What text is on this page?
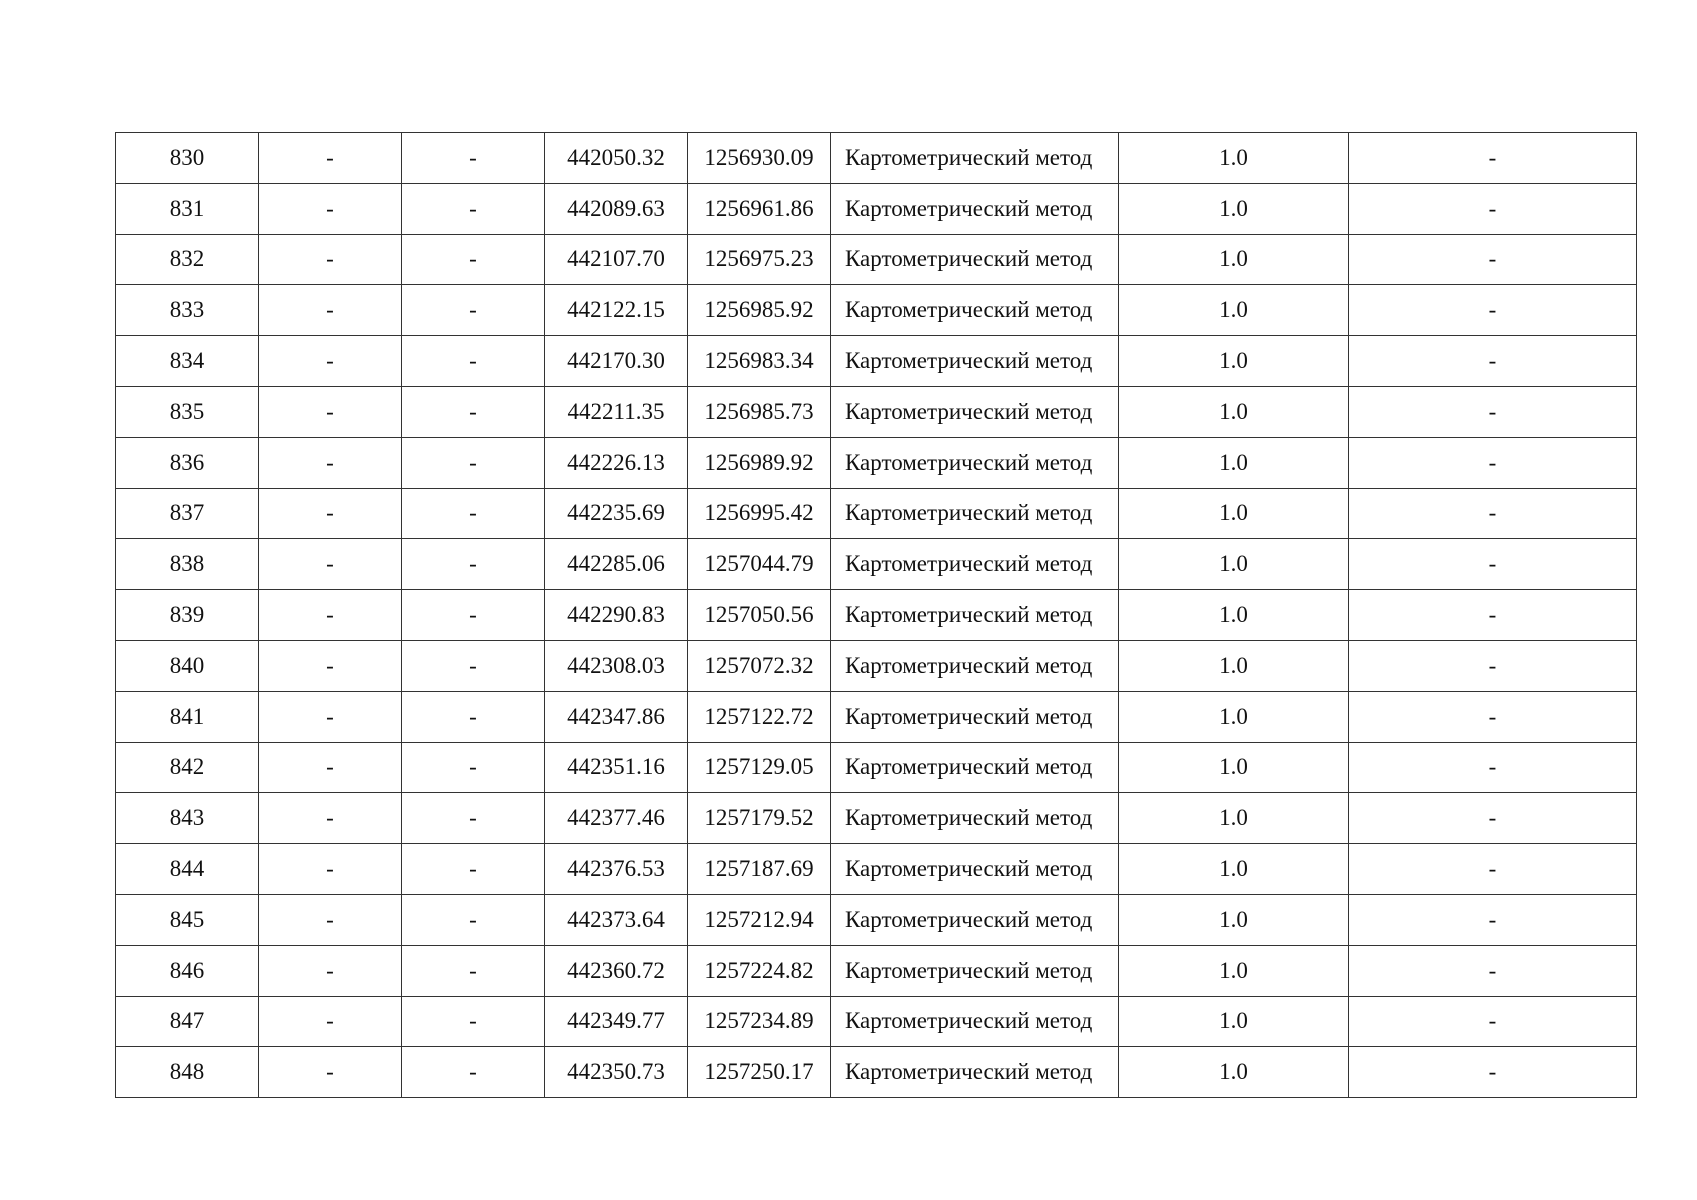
830	-	-	442050.32	1256930.09	Картометрический метод	1.0	-
831	-	-	442089.63	1256961.86	Картометрический метод	1.0	-
832	-	-	442107.70	1256975.23	Картометрический метод	1.0	-
833	-	-	442122.15	1256985.92	Картометрический метод	1.0	-
834	-	-	442170.30	1256983.34	Картометрический метод	1.0	-
835	-	-	442211.35	1256985.73	Картометрический метод	1.0	-
836	-	-	442226.13	1256989.92	Картометрический метод	1.0	-
837	-	-	442235.69	1256995.42	Картометрический метод	1.0	-
838	-	-	442285.06	1257044.79	Картометрический метод	1.0	-
839	-	-	442290.83	1257050.56	Картометрический метод	1.0	-
840	-	-	442308.03	1257072.32	Картометрический метод	1.0	-
841	-	-	442347.86	1257122.72	Картометрический метод	1.0	-
842	-	-	442351.16	1257129.05	Картометрический метод	1.0	-
843	-	-	442377.46	1257179.52	Картометрический метод	1.0	-
844	-	-	442376.53	1257187.69	Картометрический метод	1.0	-
845	-	-	442373.64	1257212.94	Картометрический метод	1.0	-
846	-	-	442360.72	1257224.82	Картометрический метод	1.0	-
847	-	-	442349.77	1257234.89	Картометрический метод	1.0	-
848	-	-	442350.73	1257250.17	Картометрический метод	1.0	-
